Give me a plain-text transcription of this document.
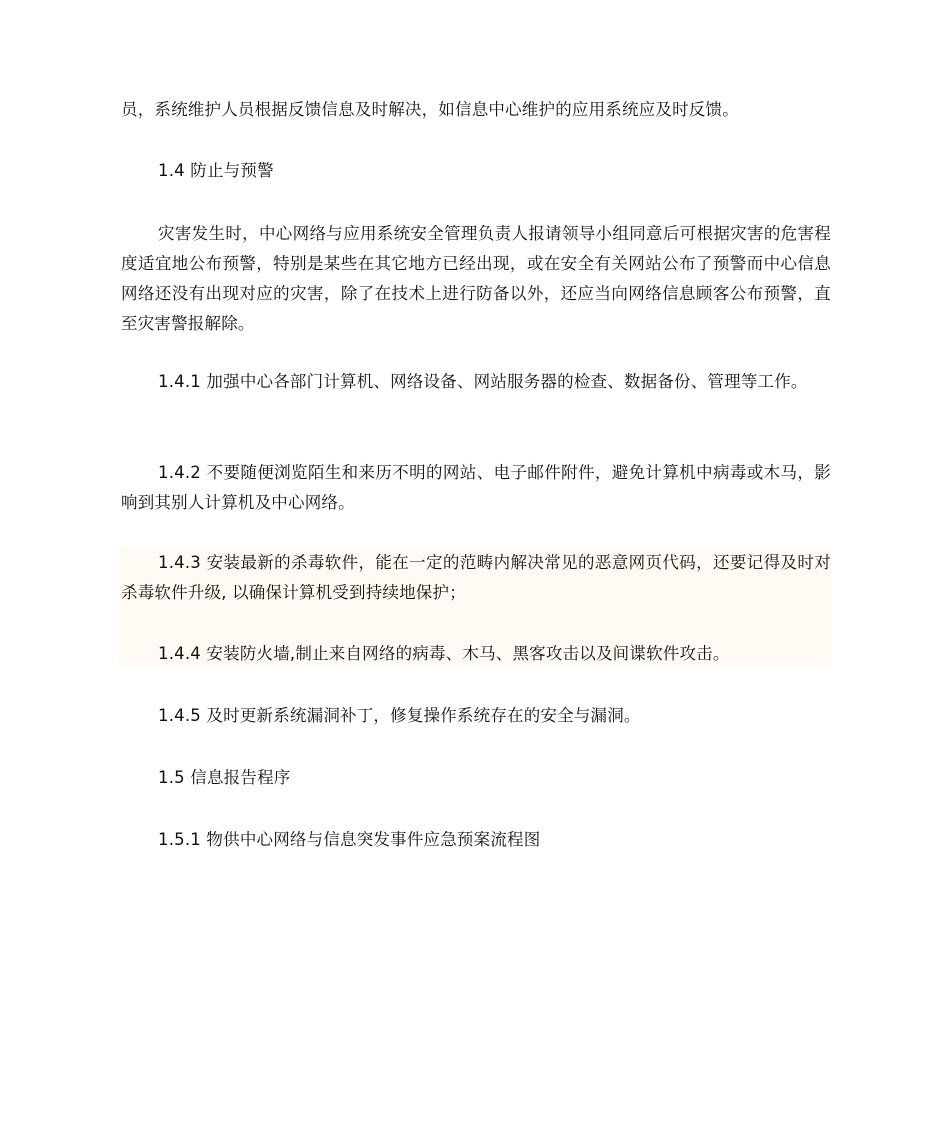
员，系统维护人员根据反馈信息及时解决，如信息中心维护的应用系统应及时反馈。
1.4 防止与预警
灾害发生时，中心网络与应用系统安全管理负责人报请领导小组同意后可根据灾害的危害程度适宜地公布预警，特别是某些在其它地方已经出现，或在安全有关网站公布了预警而中心信息网络还没有出现对应的灾害，除了在技术上进行防备以外，还应当向网络信息顾客公布预警，直至灾害警报解除。
1.4.1 加强中心各部门计算机、网络设备、网站服务器的检查、数据备份、管理等工作。
1.4.2 不要随便浏览陌生和来历不明的网站、电子邮件附件，避免计算机中病毒或木马，影响到其别人计算机及中心网络。
1.4.3 安装最新的杀毒软件，能在一定的范畴内解决常见的恶意网页代码，还要记得及时对杀毒软件升级, 以确保计算机受到持续地保护；
1.4.4 安装防火墙,制止来自网络的病毒、木马、黑客攻击以及间谍软件攻击。
1.4.5 及时更新系统漏洞补丁，修复操作系统存在的安全与漏洞。
1.5 信息报告程序
1.5.1 物供中心网络与信息突发事件应急预案流程图
